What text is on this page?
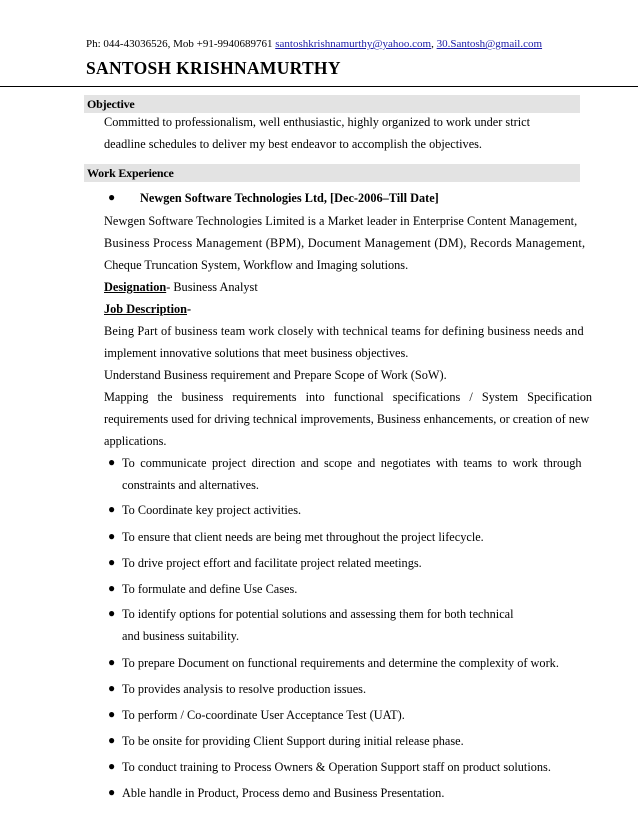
Ph: 044-43036526, Mob +91-9940689761 santoshkrishnamurthy@yahoo.com, 30.Santosh@gmail.com
SANTOSH KRISHNAMURTHY
Objective
Committed to professionalism, well enthusiastic, highly organized to work under strict
deadline schedules to deliver my best endeavor to accomplish the objectives.
Work Experience
● Newgen Software Technologies Ltd, [Dec-2006–Till Date]
Newgen Software Technologies Limited is a Market leader in Enterprise Content Management,
Business Process Management (BPM), Document Management (DM), Records Management,
Cheque Truncation System, Workflow and Imaging solutions.
Designation- Business Analyst
Job Description-
Being Part of business team work closely with technical teams for defining business needs and
implement innovative solutions that meet business objectives.
Understand Business requirement and Prepare Scope of Work (SoW).
Mapping the business requirements into functional specifications / System Specification
requirements used for driving technical improvements, Business enhancements, or creation of new
applications.
● To communicate project direction and scope and negotiates with teams to work through
constraints and alternatives.
● To Coordinate key project activities.
● To ensure that client needs are being met throughout the project lifecycle.
● To drive project effort and facilitate project related meetings.
● To formulate and define Use Cases.
● To identify options for potential solutions and assessing them for both technical
and business suitability.
● To prepare Document on functional requirements and determine the complexity of work.
● To provides analysis to resolve production issues.
● To perform / Co-coordinate User Acceptance Test (UAT).
● To be onsite for providing Client Support during initial release phase.
● To conduct training to Process Owners & Operation Support staff on product solutions.
● Able handle in Product, Process demo and Business Presentation.
